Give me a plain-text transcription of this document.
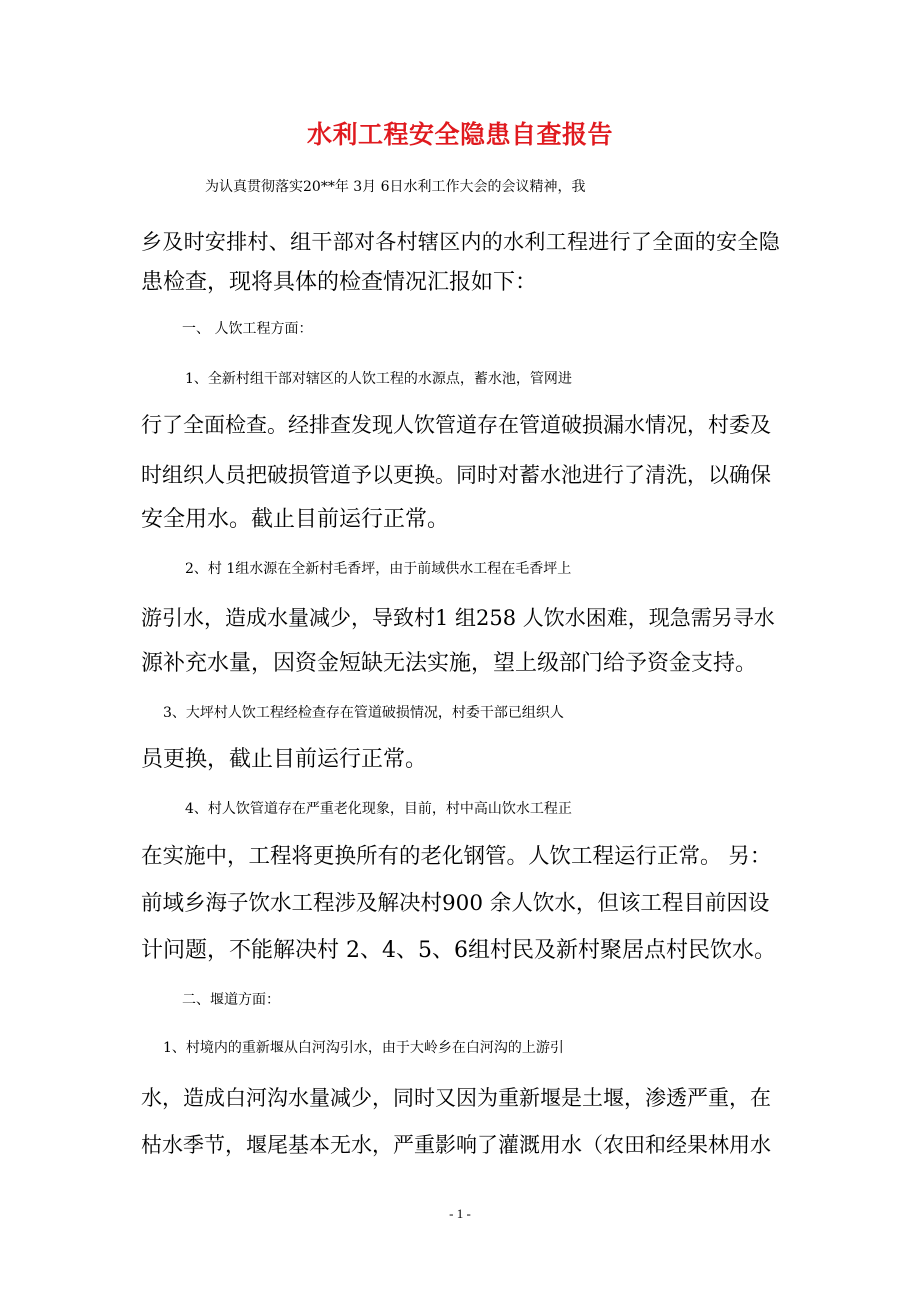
水利工程安全隐患自查报告
为认真贯彻落实20**年 3月 6日水利工作大会的会议精神，我
乡及时安排村、组干部对各村辖区内的水利工程进行了全面的安全隐
患检查，现将具体的检查情况汇报如下：
一、 人饮工程方面：
1、全新村组干部对辖区的人饮工程的水源点，蓄水池，管网进
行了全面检查。经排查发现人饮管道存在管道破损漏水情况，村委及
时组织人员把破损管道予以更换。同时对蓄水池进行了清洗，以确保
安全用水。截止目前运行正常。
2、村 1组水源在全新村毛香坪，由于前域供水工程在毛香坪上
游引水，造成水量减少，导致村1 组258 人饮水困难，现急需另寻水
源补充水量，因资金短缺无法实施，望上级部门给予资金支持。
3、大坪村人饮工程经检查存在管道破损情况，村委干部已组织人
员更换，截止目前运行正常。
4、村人饮管道存在严重老化现象，目前，村中高山饮水工程正
在实施中，工程将更换所有的老化钢管。人饮工程运行正常。 另：
前域乡海子饮水工程涉及解决村900 余人饮水，但该工程目前因设
计问题，不能解决村 2、4、5、6组村民及新村聚居点村民饮水。
二、堰道方面：
1、村境内的重新堰从白河沟引水，由于大岭乡在白河沟的上游引
水，造成白河沟水量减少，同时又因为重新堰是土堰，渗透严重，在
枯水季节，堰尾基本无水，严重影响了灌溉用水（农田和经果林用水
- 1 -
